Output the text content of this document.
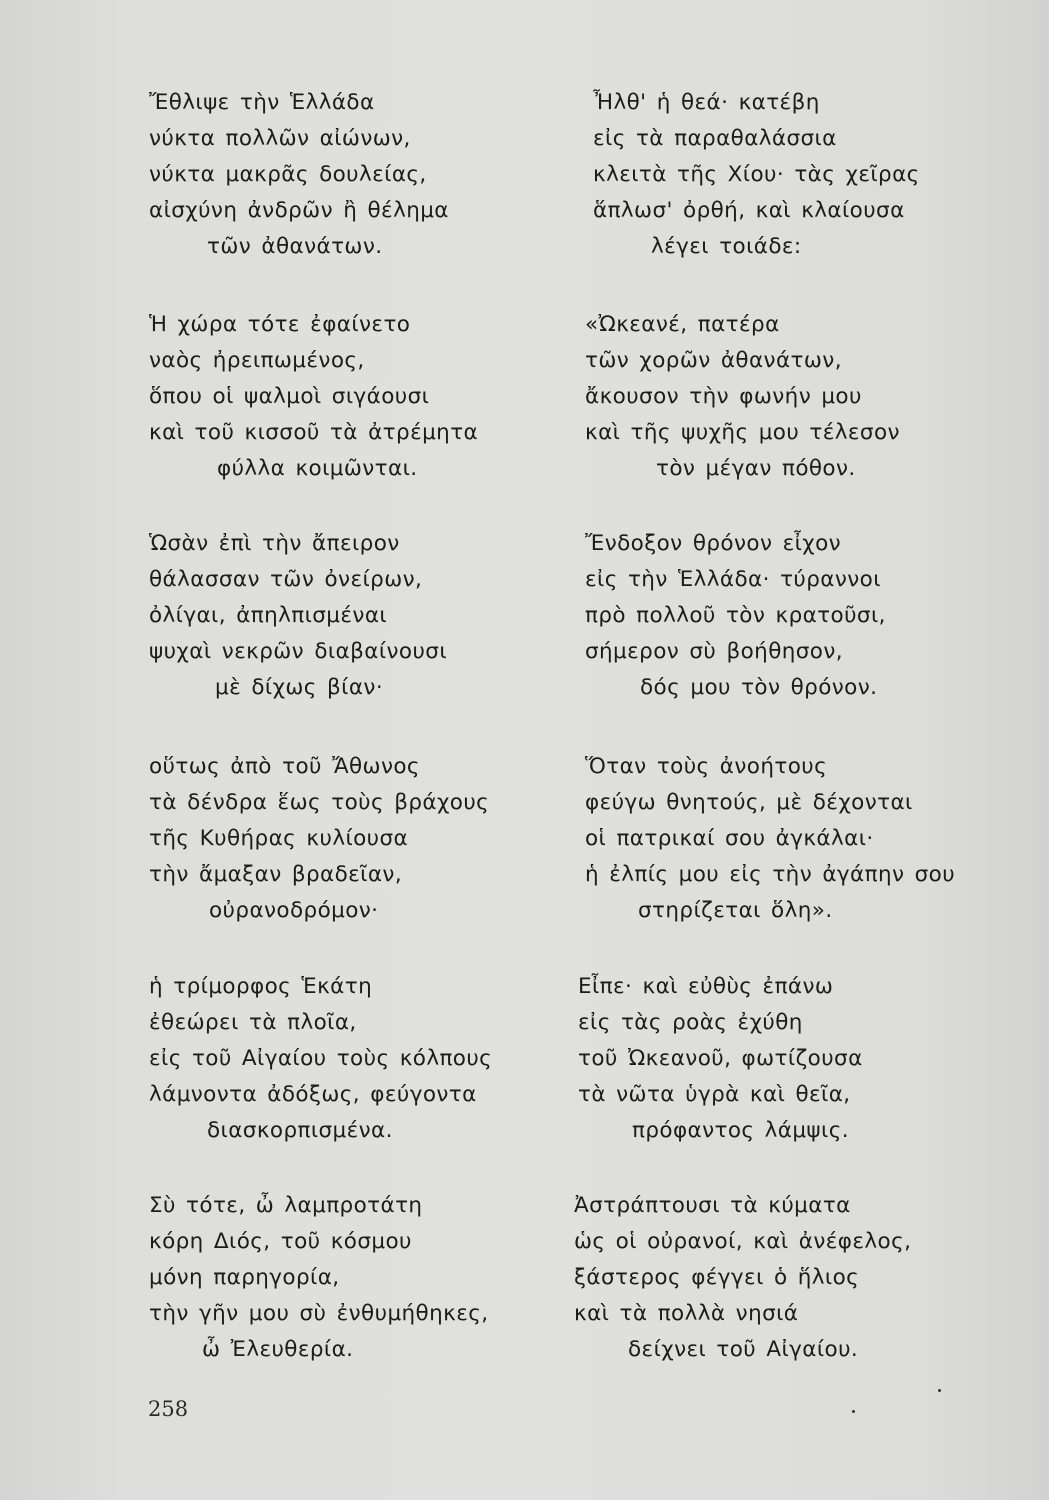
Ἔθλιψε τὴν Ἑλλάδα
νύκτα πολλῶν αἰώνων,
νύκτα μακρᾶς δουλείας,
αἰσχύνη ἀνδρῶν ἢ θέλημα
τῶν ἀθανάτων.
Ἡ χώρα τότε ἐφαίνετο
ναὸς ἠρειπωμένος,
ὅπου οἱ ψαλμοὶ σιγάουσι
καὶ τοῦ κισσοῦ τὰ ἀτρέμητα
φύλλα κοιμῶνται.
Ὡσὰν ἐπὶ τὴν ἄπειρον
θάλασσαν τῶν ὀνείρων,
ὀλίγαι, ἀπηλπισμέναι
ψυχαὶ νεκρῶν διαβαίνουσι
μὲ δίχως βίαν·
οὕτως ἀπὸ τοῦ Ἄθωνος
τὰ δένδρα ἕως τοὺς βράχους
τῆς Κυθήρας κυλίουσα
τὴν ἄμαξαν βραδεῖαν,
οὐρανοδρόμον·
ἡ τρίμορφος Ἑκάτη
ἐθεώρει τὰ πλοῖα,
εἰς τοῦ Αἰγαίου τοὺς κόλπους
λάμνοντα ἀδόξως, φεύγοντα
διασκορπισμένα.
Σὺ τότε, ὦ λαμπροτάτη
κόρη Διός, τοῦ κόσμου
μόνη παρηγορία,
τὴν γῆν μου σὺ ἐνθυμήθηκες,
ὦ Ἐλευθερία.
Ἦλθ' ἡ θεά· κατέβη
εἰς τὰ παραθαλάσσια
κλειτὰ τῆς Χίου· τὰς χεῖρας
ἅπλωσ' ὀρθή, καὶ κλαίουσα
λέγει τοιάδε:
«Ὠκεανέ, πατέρα
τῶν χορῶν ἀθανάτων,
ἄκουσον τὴν φωνήν μου
καὶ τῆς ψυχῆς μου τέλεσον
τὸν μέγαν πόθον.
Ἔνδοξον θρόνον εἶχον
εἰς τὴν Ἑλλάδα· τύραννοι
πρὸ πολλοῦ τὸν κρατοῦσι,
σήμερον σὺ βοήθησον,
δός μου τὸν θρόνον.
Ὅταν τοὺς ἀνοήτους
φεύγω θνητούς, μὲ δέχονται
οἱ πατρικαί σου ἀγκάλαι·
ἡ ἐλπίς μου εἰς τὴν ἀγάπην σου
στηρίζεται ὅλη».
Εἶπε· καὶ εὐθὺς ἐπάνω
εἰς τὰς ροὰς ἐχύθη
τοῦ Ὠκεανοῦ, φωτίζουσα
τὰ νῶτα ὑγρὰ καὶ θεῖα,
πρόφαντος λάμψις.
Ἀστράπτουσι τὰ κύματα
ὡς οἱ οὐρανοί, καὶ ἀνέφελος,
ξάστερος φέγγει ὁ ἥλιος
καὶ τὰ πολλὰ νησιά
δείχνει τοῦ Αἰγαίου.
258
